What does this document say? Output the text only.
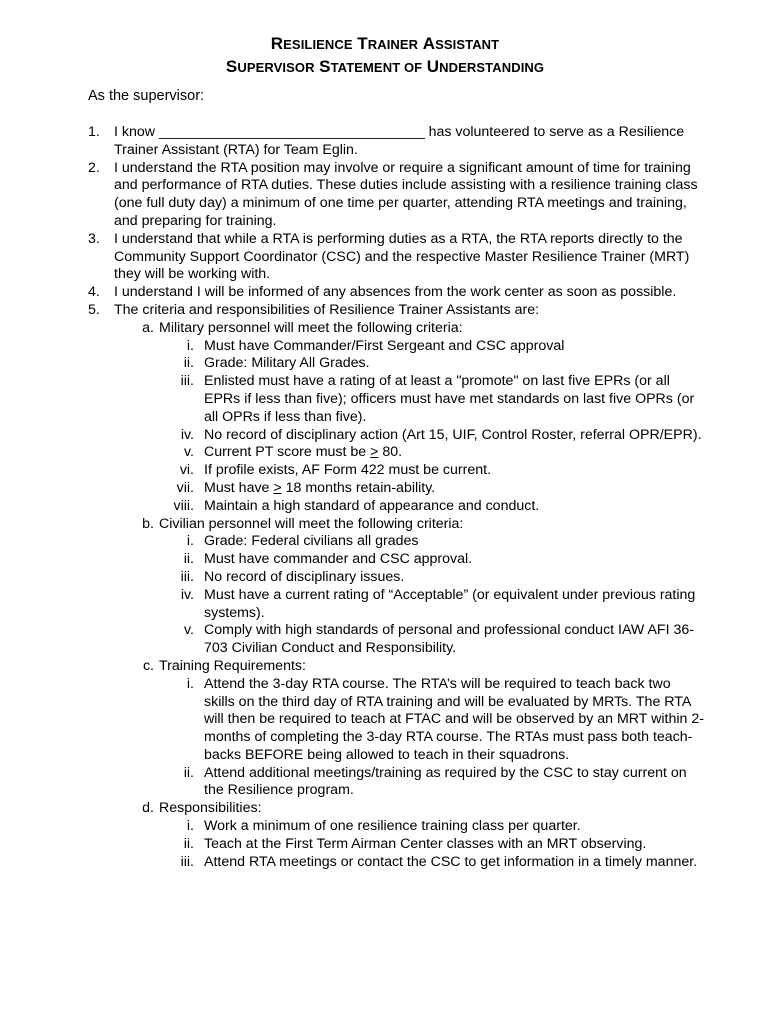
RESILIENCE TRAINER ASSISTANT
SUPERVISOR STATEMENT OF UNDERSTANDING
As the supervisor:
1. I know ___________________________________ has volunteered to serve as a Resilience Trainer Assistant (RTA) for Team Eglin.
2. I understand the RTA position may involve or require a significant amount of time for training and performance of RTA duties. These duties include assisting with a resilience training class (one full duty day) a minimum of one time per quarter, attending RTA meetings and training, and preparing for training.
3. I understand that while a RTA is performing duties as a RTA, the RTA reports directly to the Community Support Coordinator (CSC) and the respective Master Resilience Trainer (MRT) they will be working with.
4. I understand I will be informed of any absences from the work center as soon as possible.
5. The criteria and responsibilities of Resilience Trainer Assistants are:
a. Military personnel will meet the following criteria:
i. Must have Commander/First Sergeant and CSC approval
ii. Grade: Military All Grades.
iii. Enlisted must have a rating of at least a "promote" on last five EPRs (or all EPRs if less than five); officers must have met standards on last five OPRs (or all OPRs if less than five).
iv. No record of disciplinary action (Art 15, UIF, Control Roster, referral OPR/EPR).
v. Current PT score must be ≥ 80.
vi. If profile exists, AF Form 422 must be current.
vii. Must have ≥ 18 months retain-ability.
viii. Maintain a high standard of appearance and conduct.
b. Civilian personnel will meet the following criteria:
i. Grade: Federal civilians all grades
ii. Must have commander and CSC approval.
iii. No record of disciplinary issues.
iv. Must have a current rating of “Acceptable” (or equivalent under previous rating systems).
v. Comply with high standards of personal and professional conduct IAW AFI 36-703 Civilian Conduct and Responsibility.
c. Training Requirements:
i. Attend the 3-day RTA course. The RTA’s will be required to teach back two skills on the third day of RTA training and will be evaluated by MRTs. The RTA will then be required to teach at FTAC and will be observed by an MRT within 2-months of completing the 3-day RTA course. The RTAs must pass both teach-backs BEFORE being allowed to teach in their squadrons.
ii. Attend additional meetings/training as required by the CSC to stay current on the Resilience program.
d. Responsibilities:
i. Work a minimum of one resilience training class per quarter.
ii. Teach at the First Term Airman Center classes with an MRT observing.
iii. Attend RTA meetings or contact the CSC to get information in a timely manner.
